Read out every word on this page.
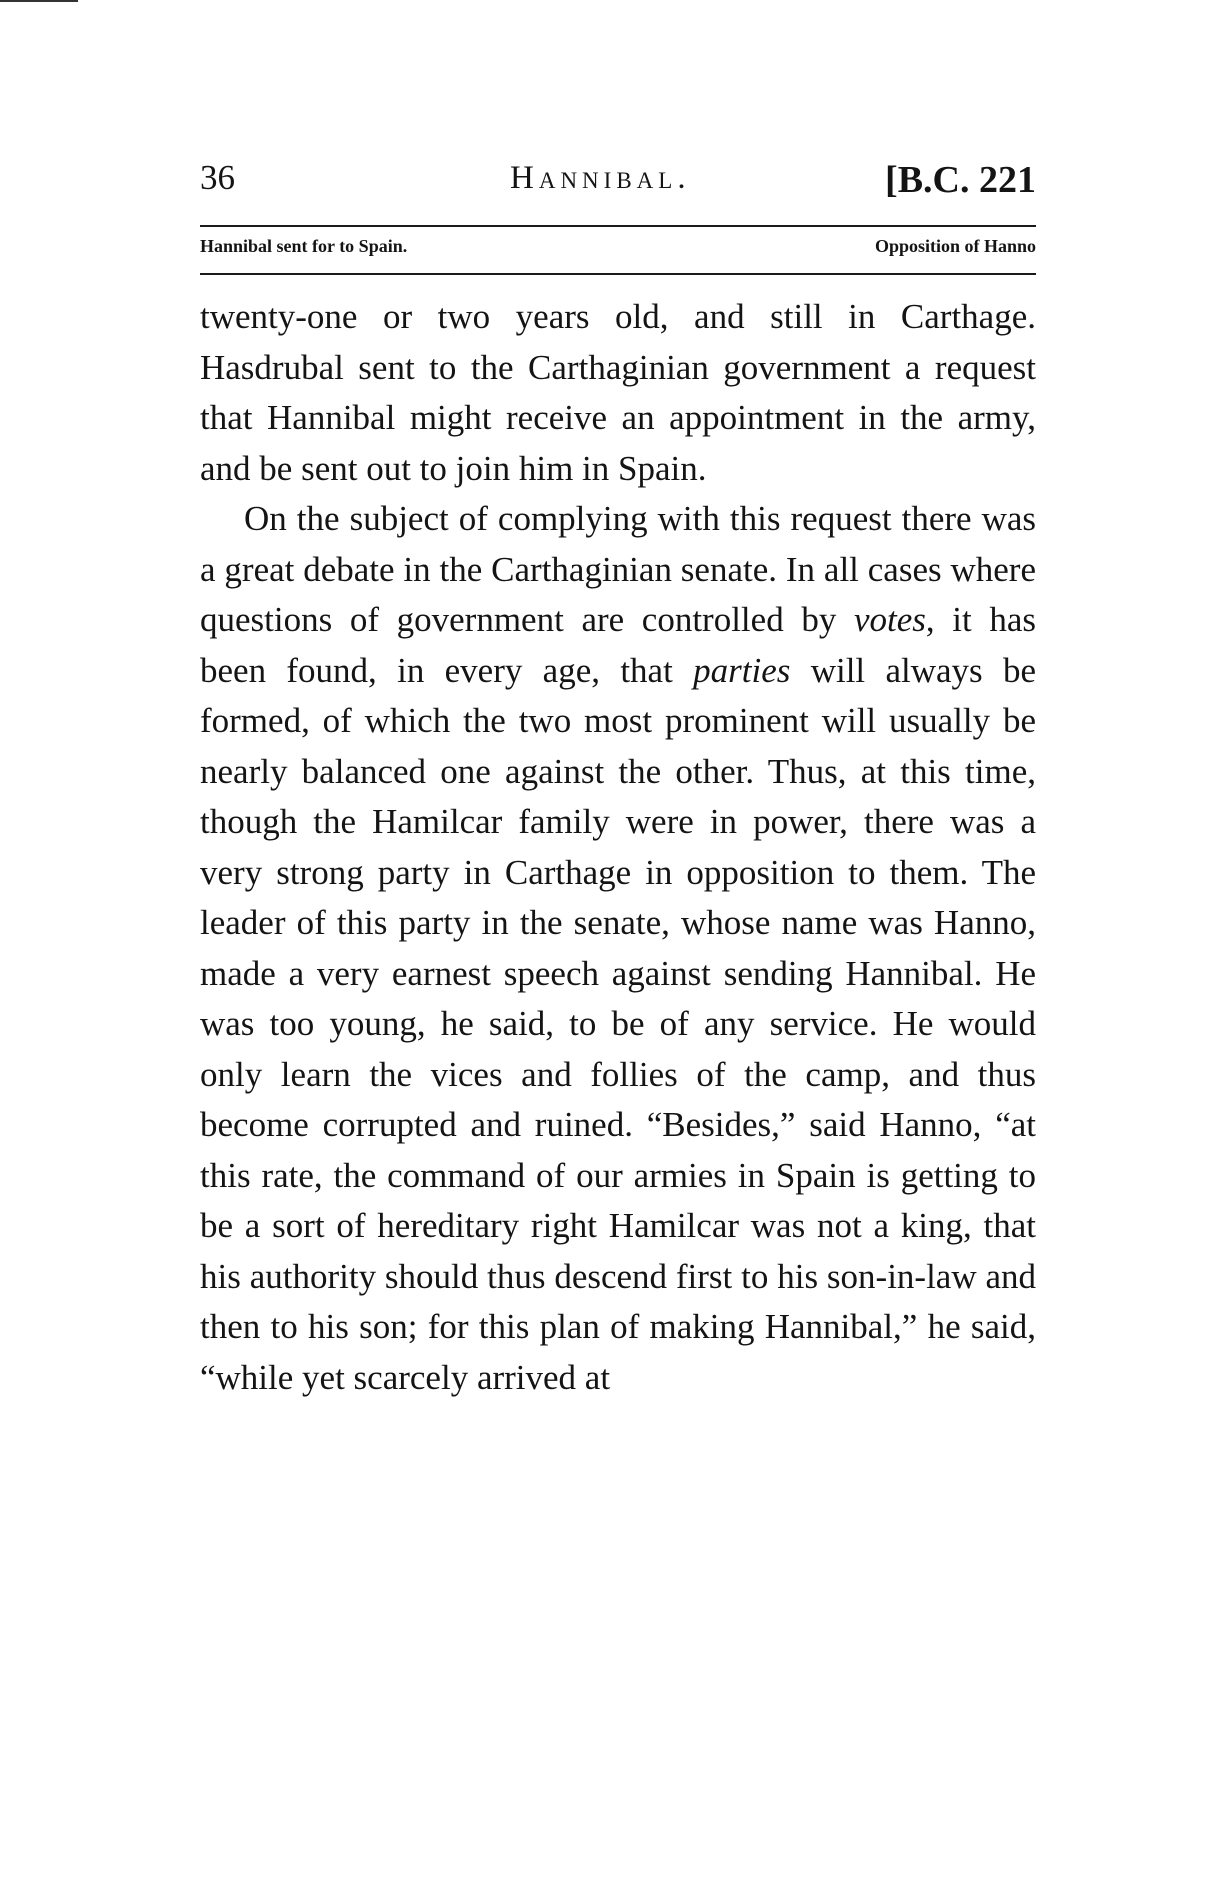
36	Hannibal.	[B.C. 221
Hannibal sent for to Spain.	Opposition of Hanno

twenty-one or two years old, and still in Carthage. Hasdrubal sent to the Carthaginian government a request that Hannibal might receive an appointment in the army, and be sent out to join him in Spain.

On the subject of complying with this request there was a great debate in the Carthaginian senate. In all cases where questions of government are controlled by votes, it has been found, in every age, that parties will always be formed, of which the two most prominent will usually be nearly balanced one against the other. Thus, at this time, though the Hamilcar family were in power, there was a very strong party in Carthage in opposition to them. The leader of this party in the senate, whose name was Hanno, made a very earnest speech against sending Hannibal. He was too young, he said, to be of any service. He would only learn the vices and follies of the camp, and thus become corrupted and ruined. “Besides,” said Hanno, “at this rate, the command of our armies in Spain is getting to be a sort of hereditary right Hamilcar was not a king, that his authority should thus descend first to his son-in-law and then to his son; for this plan of making Hannibal,” he said, “while yet scarcely arrived at
